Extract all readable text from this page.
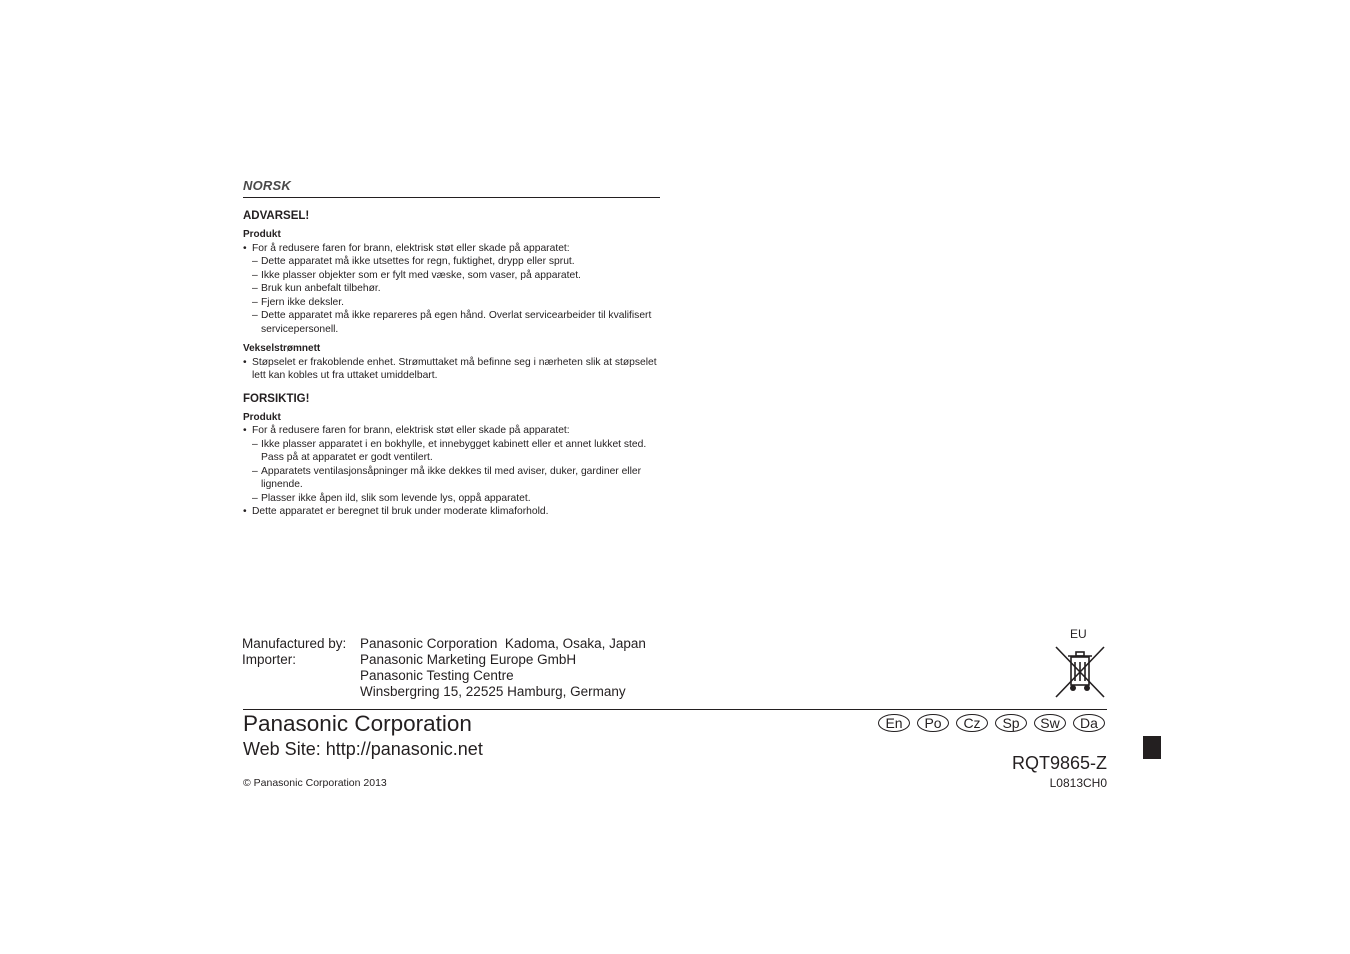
NORSK
ADVARSEL!
Produkt
• For å redusere faren for brann, elektrisk støt eller skade på apparatet:
– Dette apparatet må ikke utsettes for regn, fuktighet, drypp eller sprut.
– Ikke plasser objekter som er fylt med væske, som vaser, på apparatet.
– Bruk kun anbefalt tilbehør.
– Fjern ikke deksler.
– Dette apparatet må ikke repareres på egen hånd. Overlat servicearbeider til kvalifisert servicepersonell.
Vekselstrømnett
• Støpselet er frakoblende enhet. Strømuttaket må befinne seg i nærheten slik at støpselet lett kan kobles ut fra uttaket umiddelbart.
FORSIKTIG!
Produkt
• For å redusere faren for brann, elektrisk støt eller skade på apparatet:
– Ikke plasser apparatet i en bokhylle, et innebygget kabinett eller et annet lukket sted. Pass på at apparatet er godt ventilert.
– Apparatets ventilasjonsåpninger må ikke dekkes til med aviser, duker, gardiner eller lignende.
– Plasser ikke åpen ild, slik som levende lys, oppå apparatet.
• Dette apparatet er beregnet til bruk under moderate klimaforhold.
Manufactured by:	Panasonic Corporation  Kadoma, Osaka, Japan
Importer:	Panasonic Marketing Europe GmbH
Panasonic Testing Centre
Winsbergring 15, 22525 Hamburg, Germany
EU
Panasonic Corporation
Web Site: http://panasonic.net
© Panasonic Corporation 2013
En	Po	Cz	Sp	Sw	Da
RQT9865-Z
L0813CH0
